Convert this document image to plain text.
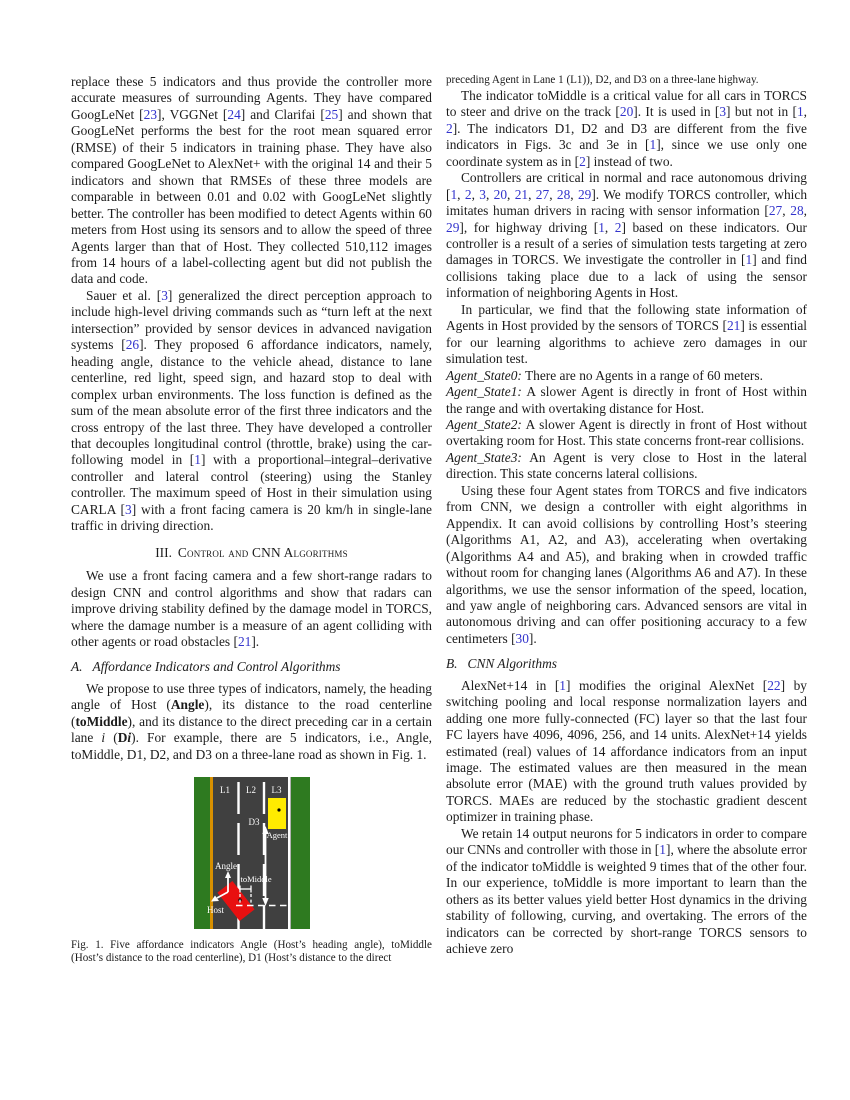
replace these 5 indicators and thus provide the controller more accurate measures of surrounding Agents. They have compared GoogLeNet [23], VGGNet [24] and Clarifai [25] and shown that GoogLeNet performs the best for the root mean squared error (RMSE) of their 5 indicators in training phase. They have also compared GoogLeNet to AlexNet+ with the original 14 and their 5 indicators and shown that RMSEs of these three models are comparable in between 0.01 and 0.02 with GoogLeNet slightly better. The controller has been modified to detect Agents within 60 meters from Host using its sensors and to allow the speed of three Agents larger than that of Host. They collected 510,112 images from 14 hours of a label-collecting agent but did not publish the data and code.

Sauer et al. [3] generalized the direct perception approach to include high-level driving commands such as “turn left at the next intersection” provided by sensor devices in advanced navigation systems [26]. They proposed 6 affordance indicators, namely, heading angle, distance to the vehicle ahead, distance to lane centerline, red light, speed sign, and hazard stop to deal with complex urban environments. The loss function is defined as the sum of the mean absolute error of the first three indicators and the cross entropy of the last three. They have developed a controller that decouples longitudinal control (throttle, brake) using the car-following model in [1] with a proportional–integral–derivative controller and lateral control (steering) using the Stanley controller. The maximum speed of Host in their simulation using CARLA [3] with a front facing camera is 20 km/h in single-lane traffic in driving direction.

III. Control and CNN Algorithms

We use a front facing camera and a few short-range radars to design CNN and control algorithms and show that radars can improve driving stability defined by the damage model in TORCS, where the damage number is a measure of an agent colliding with other agents or road obstacles [21].

A. Affordance Indicators and Control Algorithms

We propose to use three types of indicators, namely, the heading angle of Host (Angle), its distance to the road centerline (toMiddle), and its distance to the direct preceding car in a certain lane i (Di). For example, there are 5 indicators, i.e., Angle, toMiddle, D1, D2, and D3 on a three-lane road as shown in Fig. 1.

L1 L2 L3
D3
Agent
Angle
toMiddle
Host

Fig. 1. Five affordance indicators Angle (Host’s heading angle), toMiddle (Host’s distance to the road centerline), D1 (Host’s distance to the direct

preceding Agent in Lane 1 (L1)), D2, and D3 on a three-lane highway.

The indicator toMiddle is a critical value for all cars in TORCS to steer and drive on the track [20]. It is used in [3] but not in [1, 2]. The indicators D1, D2 and D3 are different from the five indicators in Figs. 3c and 3e in [1], since we use only one coordinate system as in [2] instead of two.

Controllers are critical in normal and race autonomous driving [1, 2, 3, 20, 21, 27, 28, 29]. We modify TORCS controller, which imitates human drivers in racing with sensor information [27, 28, 29], for highway driving [1, 2] based on these indicators. Our controller is a result of a series of simulation tests targeting at zero damages in TORCS. We investigate the controller in [1] and find collisions taking place due to a lack of using the sensor information of neighboring Agents in Host.

In particular, we find that the following state information of Agents in Host provided by the sensors of TORCS [21] is essential for our learning algorithms to achieve zero damages in our simulation test.

Agent_State0: There are no Agents in a range of 60 meters.

Agent_State1: A slower Agent is directly in front of Host within the range and with overtaking distance for Host.

Agent_State2: A slower Agent is directly in front of Host without overtaking room for Host. This state concerns front-rear collisions.

Agent_State3: An Agent is very close to Host in the lateral direction. This state concerns lateral collisions.

Using these four Agent states from TORCS and five indicators from CNN, we design a controller with eight algorithms in Appendix. It can avoid collisions by controlling Host’s steering (Algorithms A1, A2, and A3), accelerating when overtaking (Algorithms A4 and A5), and braking when in crowded traffic without room for changing lanes (Algorithms A6 and A7). In these algorithms, we use the sensor information of the speed, location, and yaw angle of neighboring cars. Advanced sensors are vital in autonomous driving and can offer positioning accuracy to a few centimeters [30].

B. CNN Algorithms

AlexNet+14 in [1] modifies the original AlexNet [22] by switching pooling and local response normalization layers and adding one more fully-connected (FC) layer so that the last four FC layers have 4096, 4096, 256, and 14 units. AlexNet+14 yields estimated (real) values of 14 affordance indicators from an input image. The estimated values are then measured in the mean absolute error (MAE) with the ground truth values provided by TORCS. MAEs are reduced by the stochastic gradient descent optimizer in training phase.

We retain 14 output neurons for 5 indicators in order to compare our CNNs and controller with those in [1], where the absolute error of the indicator toMiddle is weighted 9 times that of the other four. In our experience, toMiddle is more important to learn than the others as its better values yield better Host dynamics in the driving stability of following, curving, and overtaking. The errors of the indicators can be corrected by short-range TORCS sensors to achieve zero
